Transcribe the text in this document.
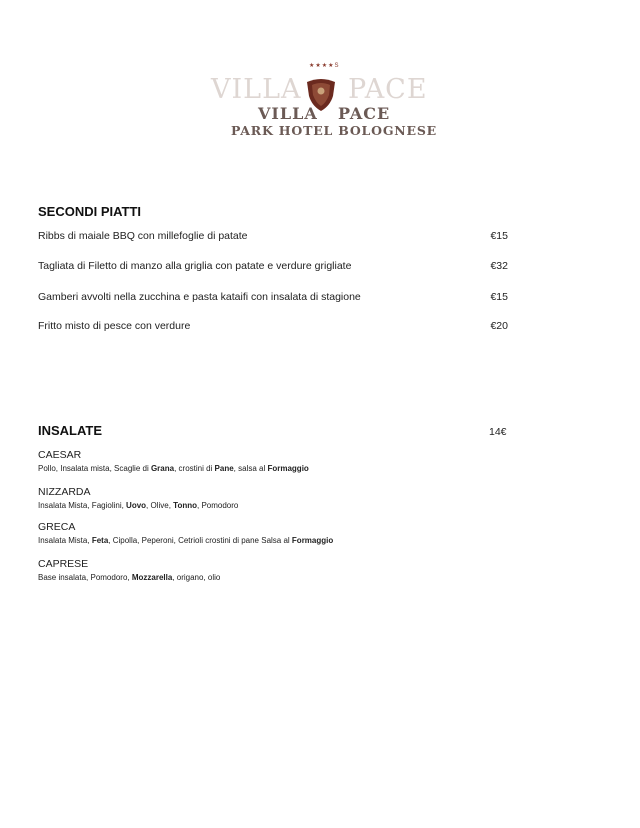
VILLA PACE
★★★★S
VILLA PACE
PARK HOTEL BOLOGNESE
SECONDI PIATTI
Ribbs di maiale BBQ con millefoglie di patate	€15
Tagliata di Filetto di manzo alla griglia con patate e verdure grigliate	€32
Gamberi avvolti nella zucchina e pasta kataifi con insalata di stagione	€15
Fritto misto di pesce con verdure	€20
INSALATE	14€
CAESAR
Pollo, Insalata mista, Scaglie di Grana, crostini di Pane, salsa al Formaggio
NIZZARDA
Insalata Mista, Fagiolini, Uovo, Olive, Tonno, Pomodoro
GRECA
Insalata Mista, Feta, Cipolla, Peperoni, Cetrioli crostini di pane Salsa al Formaggio
CAPRESE
Base insalata, Pomodoro, Mozzarella, origano, olio
